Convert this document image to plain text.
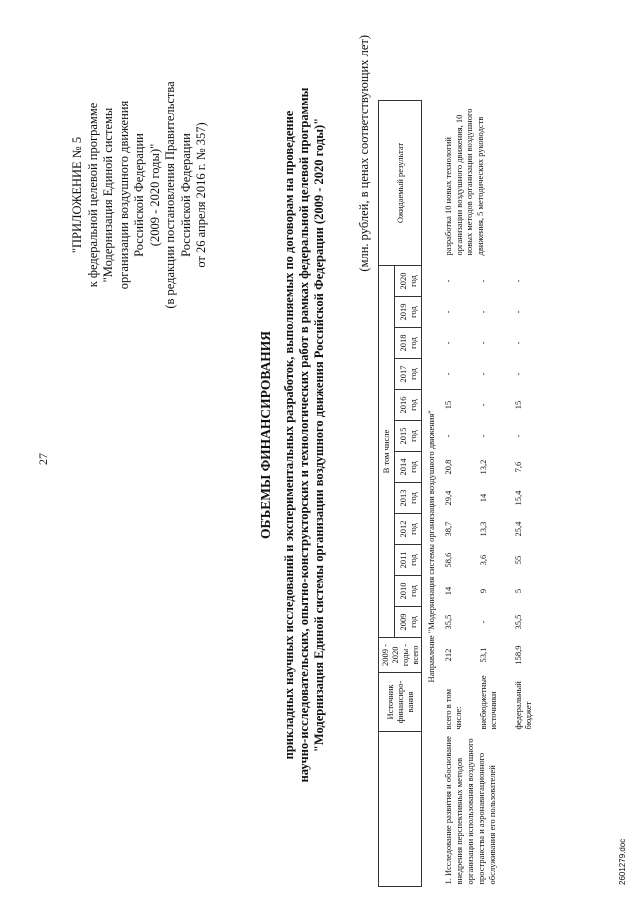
27
"ПРИЛОЖЕНИЕ № 5 к федеральной целевой программе "Модернизация Единой системы организации воздушного движения Российской Федерации (2009 - 2020 годы)" (в редакции постановления Правительства Российской Федерации от 26 апреля 2016 г. № 357)
ОБЪЕМЫ ФИНАНСИРОВАНИЯ прикладных научных исследований и экспериментальных разработок, выполняемых по договорам на проведение научно-исследовательских, опытно-конструкторских и технологических работ в рамках федеральной целевой программы "Модернизация Единой системы организации воздушного движения Российской Федерации (2009 - 2020 годы)" (млн. рублей, в ценах соответствующих лет)
	Источник финансиро-вания	2009 - 2020 годы - всего	В том числе												Ожидаемый результат
			2009 год	2010 год	2011 год	2012 год	2013 год	2014 год	2015 год	2016 год	2017 год	2018 год	2019 год	2020 год	
Направление "Модернизация системы организации воздушного движения"															
1. Исследование развития и обоснование внедрения перспективных методов организации использования воздушного пространства и аэронавигационного обслуживания его пользователей	всего в том числе:	212	35,5	14	58,6	38,7	29,4	20,8	-	15	-	-	-	-	разработка 10 новых технологий организации воздушного движения, 10 новых методов организации воздушного движения, 5 методических руководств
	внебюджетные источники	53,1	-	9	3,6	13,3	14	13,2	-	-	-	-	-	-	
	федеральный бюджет	158,9	35,5	5	55	25,4	15,4	7,6	-	15	-	-	-	-	
2601279.doc
